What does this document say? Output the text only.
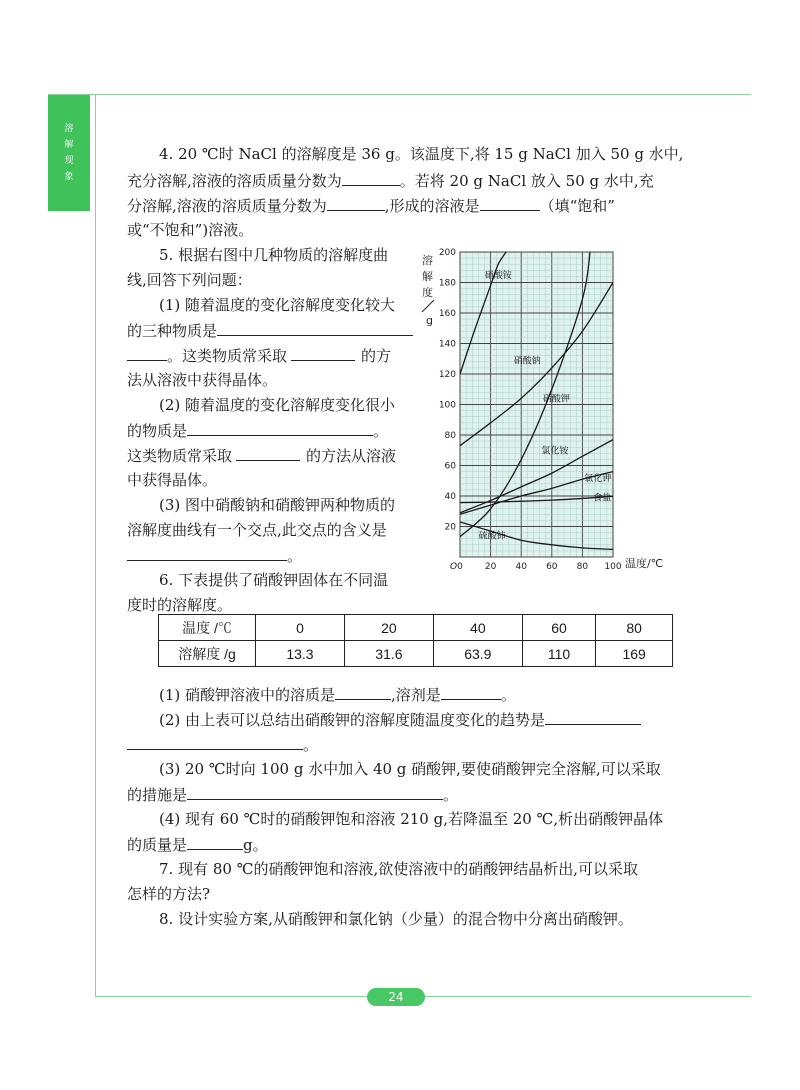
溶
解
现
象
4. 20 ℃时 NaCl 的溶解度是 36 g。该温度下,将 15 g NaCl 加入 50 g 水中,
充分溶解,溶液的溶质质量分数为	。若将 20 g NaCl 放入 50 g 水中,充
分溶解,溶液的溶质质量分数为	,形成的溶液是	（填“饱和”
或“不饱和”)溶液。
5. 根据右图中几种物质的溶解度曲
线,回答下列问题：
(1) 随着温度的变化溶解度变化较大
的三种物质是
。这类物质常采取	的方
法从溶液中获得晶体。
(2) 随着温度的变化溶解度变化很小
的物质是	。
这类物质常采取	的方法从溶液
中获得晶体。
(3) 图中硝酸钠和硝酸钾两种物质的
溶解度曲线有一个交点,此交点的含义是
。
6. 下表提供了硝酸钾固体在不同温
度时的溶解度。
温度 /℃	0	20	40	60	80
溶解度 /g	13.3	31.6	63.9	110	169
(1) 硝酸钾溶液中的溶质是	,溶剂是	。
(2) 由上表可以总结出硝酸钾的溶解度随温度变化的趋势是
。
(3) 20 ℃时向 100 g 水中加入 40 g 硝酸钾,要使硝酸钾完全溶解,可以采取
的措施是	。
(4) 现有 60 ℃时的硝酸钾饱和溶液 210 g,若降温至 20 ℃,析出硝酸钾晶体
的质量是	g。
7. 现有 80 ℃的硝酸钾饱和溶液,欲使溶液中的硝酸钾结晶析出,可以采取
怎样的方法?
8. 设计实验方案,从硝酸钾和氯化钠（少量）的混合物中分离出硝酸钾。
0 20 40 60 80 100
O
20
40
60
80
100
120
140
160
180
200
硝酸铵
硝酸钠
硝酸钾
氯化铵
氯化钾
食盐
硫酸铈
溶
解
度
g
温度/℃
24
